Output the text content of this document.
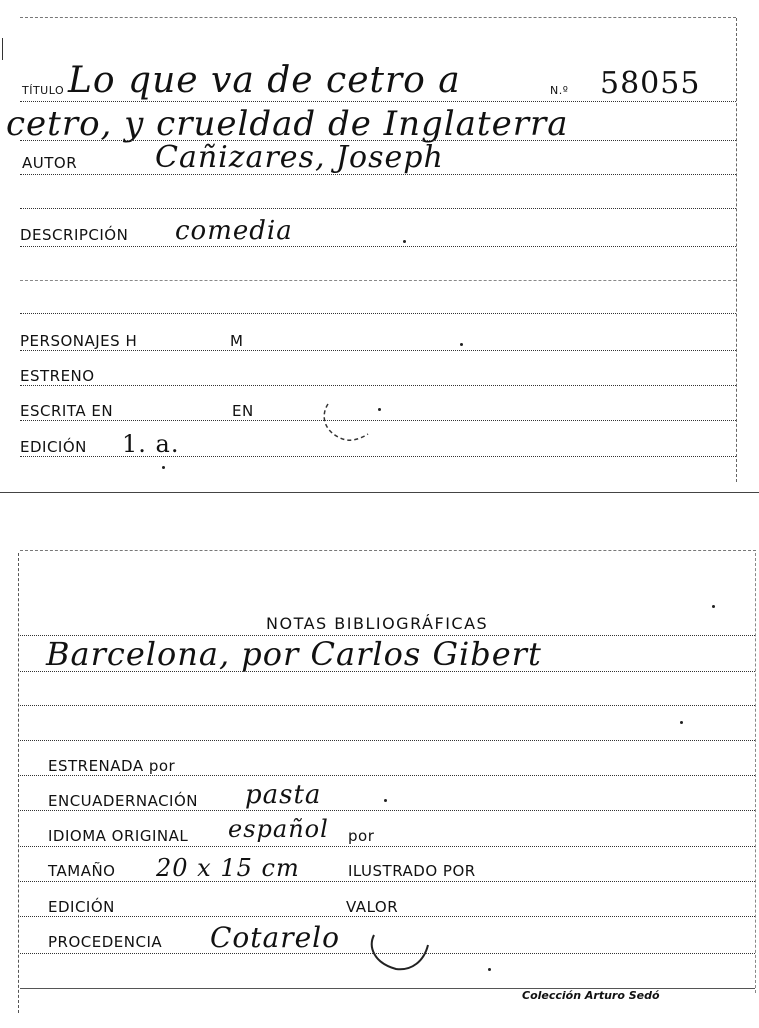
TÍTULO Lo que va de cetro a	N.º 58055
cetro, y crueldad de Inglaterra
AUTOR	Cañizares, Joseph
DESCRIPCIÓN comedia
PERSONAJES H	M
ESTRENO
ESCRITA EN	EN
EDICIÓN 1. a.
NOTAS BIBLIOGRÁFICAS
Barcelona, por Carlos Gibert
ESTRENADA por
ENCUADERNACIÓN pasta
IDIOMA ORIGINAL español por
TAMAÑO 20 x 15 cm	ILUSTRADO POR
EDICIÓN	VALOR
PROCEDENCIA Cotarelo
Colección Arturo Sedó
